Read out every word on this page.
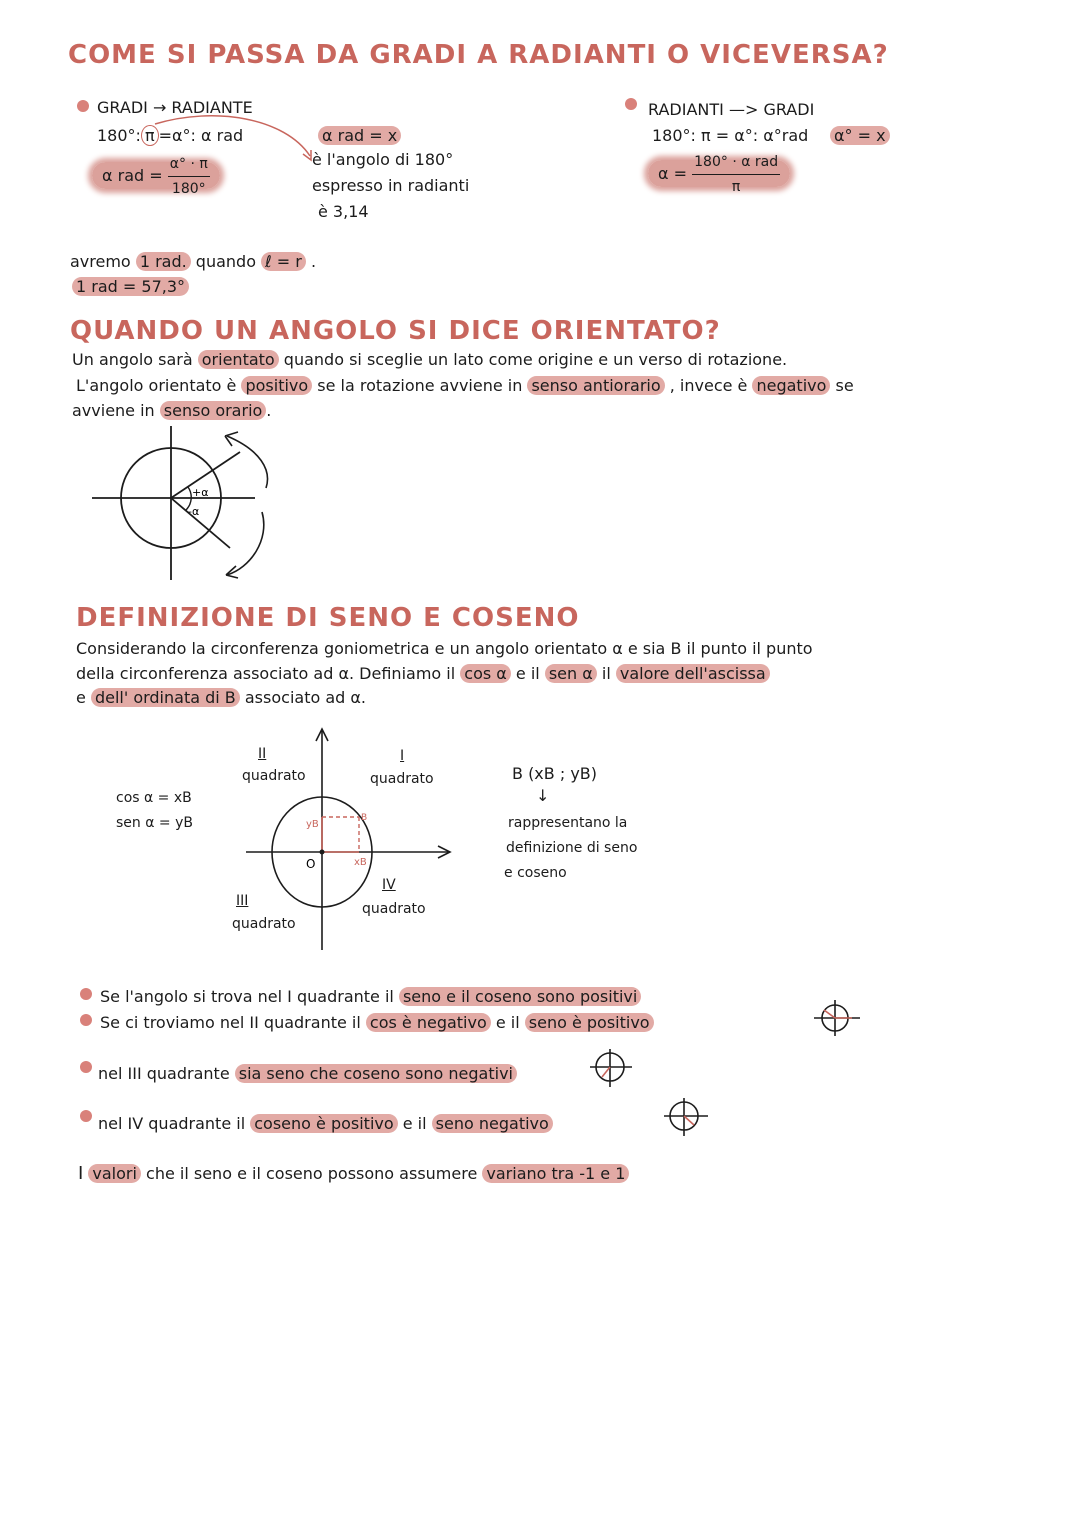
COME SI PASSA DA GRADI A RADIANTI O VICEVERSA?
GRADI → RADIANTE
180°: π =α°: α rad
α rad = $\frac{\alpha^\circ \cdot \pi}{180^\circ}$
α rad = x
è l'angolo di 180°
espresso in radianti
è 3,14
RADIANTI —> GRADI
180°: π = α°: α°rad α° = x
$\alpha = \frac{\text{180° · α rad}}{\pi}$
avremo 1 rad. quando ℓ = r .
1 rad = 57,3°
QUANDO UN ANGOLO SI DICE ORIENTATO?
Un angolo sarà orientato quando si sceglie un lato come origine e un verso di rotazione.
L'angolo orientato è positivo se la rotazione avviene in senso antiorario , invece è negativo se
avviene in senso orario .
+α
-α
DEFINIZIONE DI SENO E COSENO
Considerando la circonferenza goniometrica e un angolo orientato α e sia B il punto il punto
della circonferenza associato ad α. Definiamo il cos α e il sen α il valore dell'ascissa
e dell' ordinata di B associato ad α.
cos α = xB
sen α = yB	yB
B
xB
O
II
quadrato
I
quadrato
III
quadrato
IV
quadrato
B (xB ; yB)
↓
rappresentano la
definizione di seno
e coseno
Se l'angolo si trova nel I quadrante il seno e il coseno sono positivi
Se ci troviamo nel II quadrante il cos è negativo e il seno è positivo
nel III quadrante sia seno che coseno sono negativi
nel IV quadrante il coseno è positivo e il seno negativo
I valori che il seno e il coseno possono assumere variano tra -1 e 1
